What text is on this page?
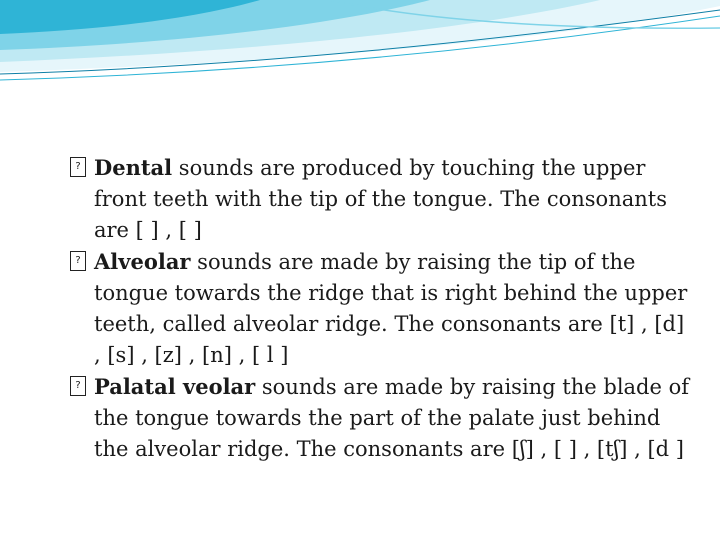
? Dental sounds are produced by touching the upper front teeth with the tip of the tongue. The consonants are [ ] , [ ]

? Alveolar sounds are made by raising the tip of the tongue towards the ridge that is right behind the upper teeth, called alveolar ridge. The consonants are [t] , [d] , [s] , [z] , [n] , [ l ]

? Palatal veolar sounds are made by raising the blade of the tongue towards the part of the palate just behind the alveolar ridge. The consonants are [ʃ] , [ ] , [tʃ] , [d ]
